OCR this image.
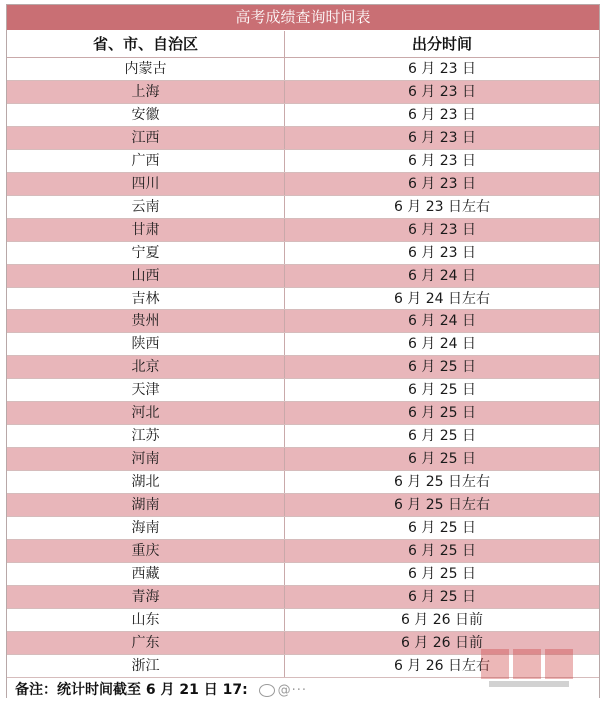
高考成绩查询时间表
省、市、自治区	出分时间
内蒙古	6 月 23 日
上海	6 月 23 日
安徽	6 月 23 日
江西	6 月 23 日
广西	6 月 23 日
四川	6 月 23 日
云南	6 月 23 日左右
甘肃	6 月 23 日
宁夏	6 月 23 日
山西	6 月 24 日
吉林	6 月 24 日左右
贵州	6 月 24 日
陕西	6 月 24 日
北京	6 月 25 日
天津	6 月 25 日
河北	6 月 25 日
江苏	6 月 25 日
河南	6 月 25 日
湖北	6 月 25 日左右
湖南	6 月 25 日左右
海南	6 月 25 日
重庆	6 月 25 日
西藏	6 月 25 日
青海	6 月 25 日
山东	6 月 26 日前
广东	6 月 26 日前
浙江	6 月 26 日左右
备注：统计时间截至 6 月 21 日 17: @···
